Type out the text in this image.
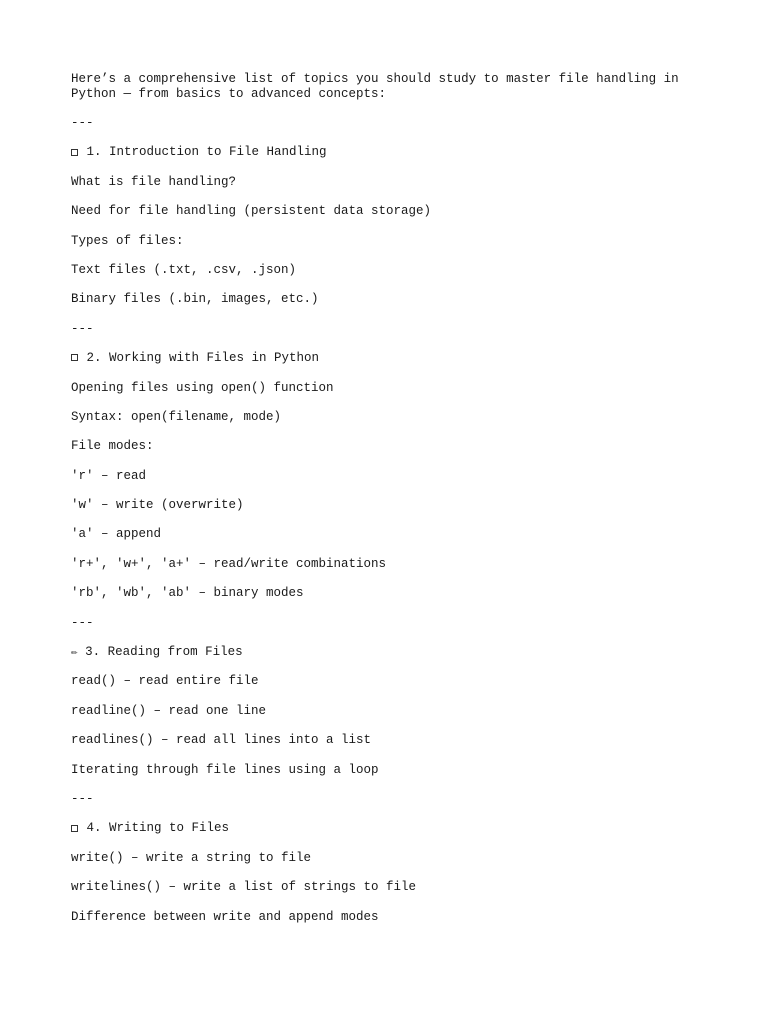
Here’s a comprehensive list of topics you should study to master file handling in Python — from basics to advanced concepts:
---
1. Introduction to File Handling
What is file handling?
Need for file handling (persistent data storage)
Types of files:
Text files (.txt, .csv, .json)
Binary files (.bin, images, etc.)
---
2. Working with Files in Python
Opening files using open() function
Syntax: open(filename, mode)
File modes:
'r' – read
'w' – write (overwrite)
'a' – append
'r+', 'w+', 'a+' – read/write combinations
'rb', 'wb', 'ab' – binary modes
---
✏ 3. Reading from Files
read() – read entire file
readline() – read one line
readlines() – read all lines into a list
Iterating through file lines using a loop
---
4. Writing to Files
write() – write a string to file
writelines() – write a list of strings to file
Difference between write and append modes
